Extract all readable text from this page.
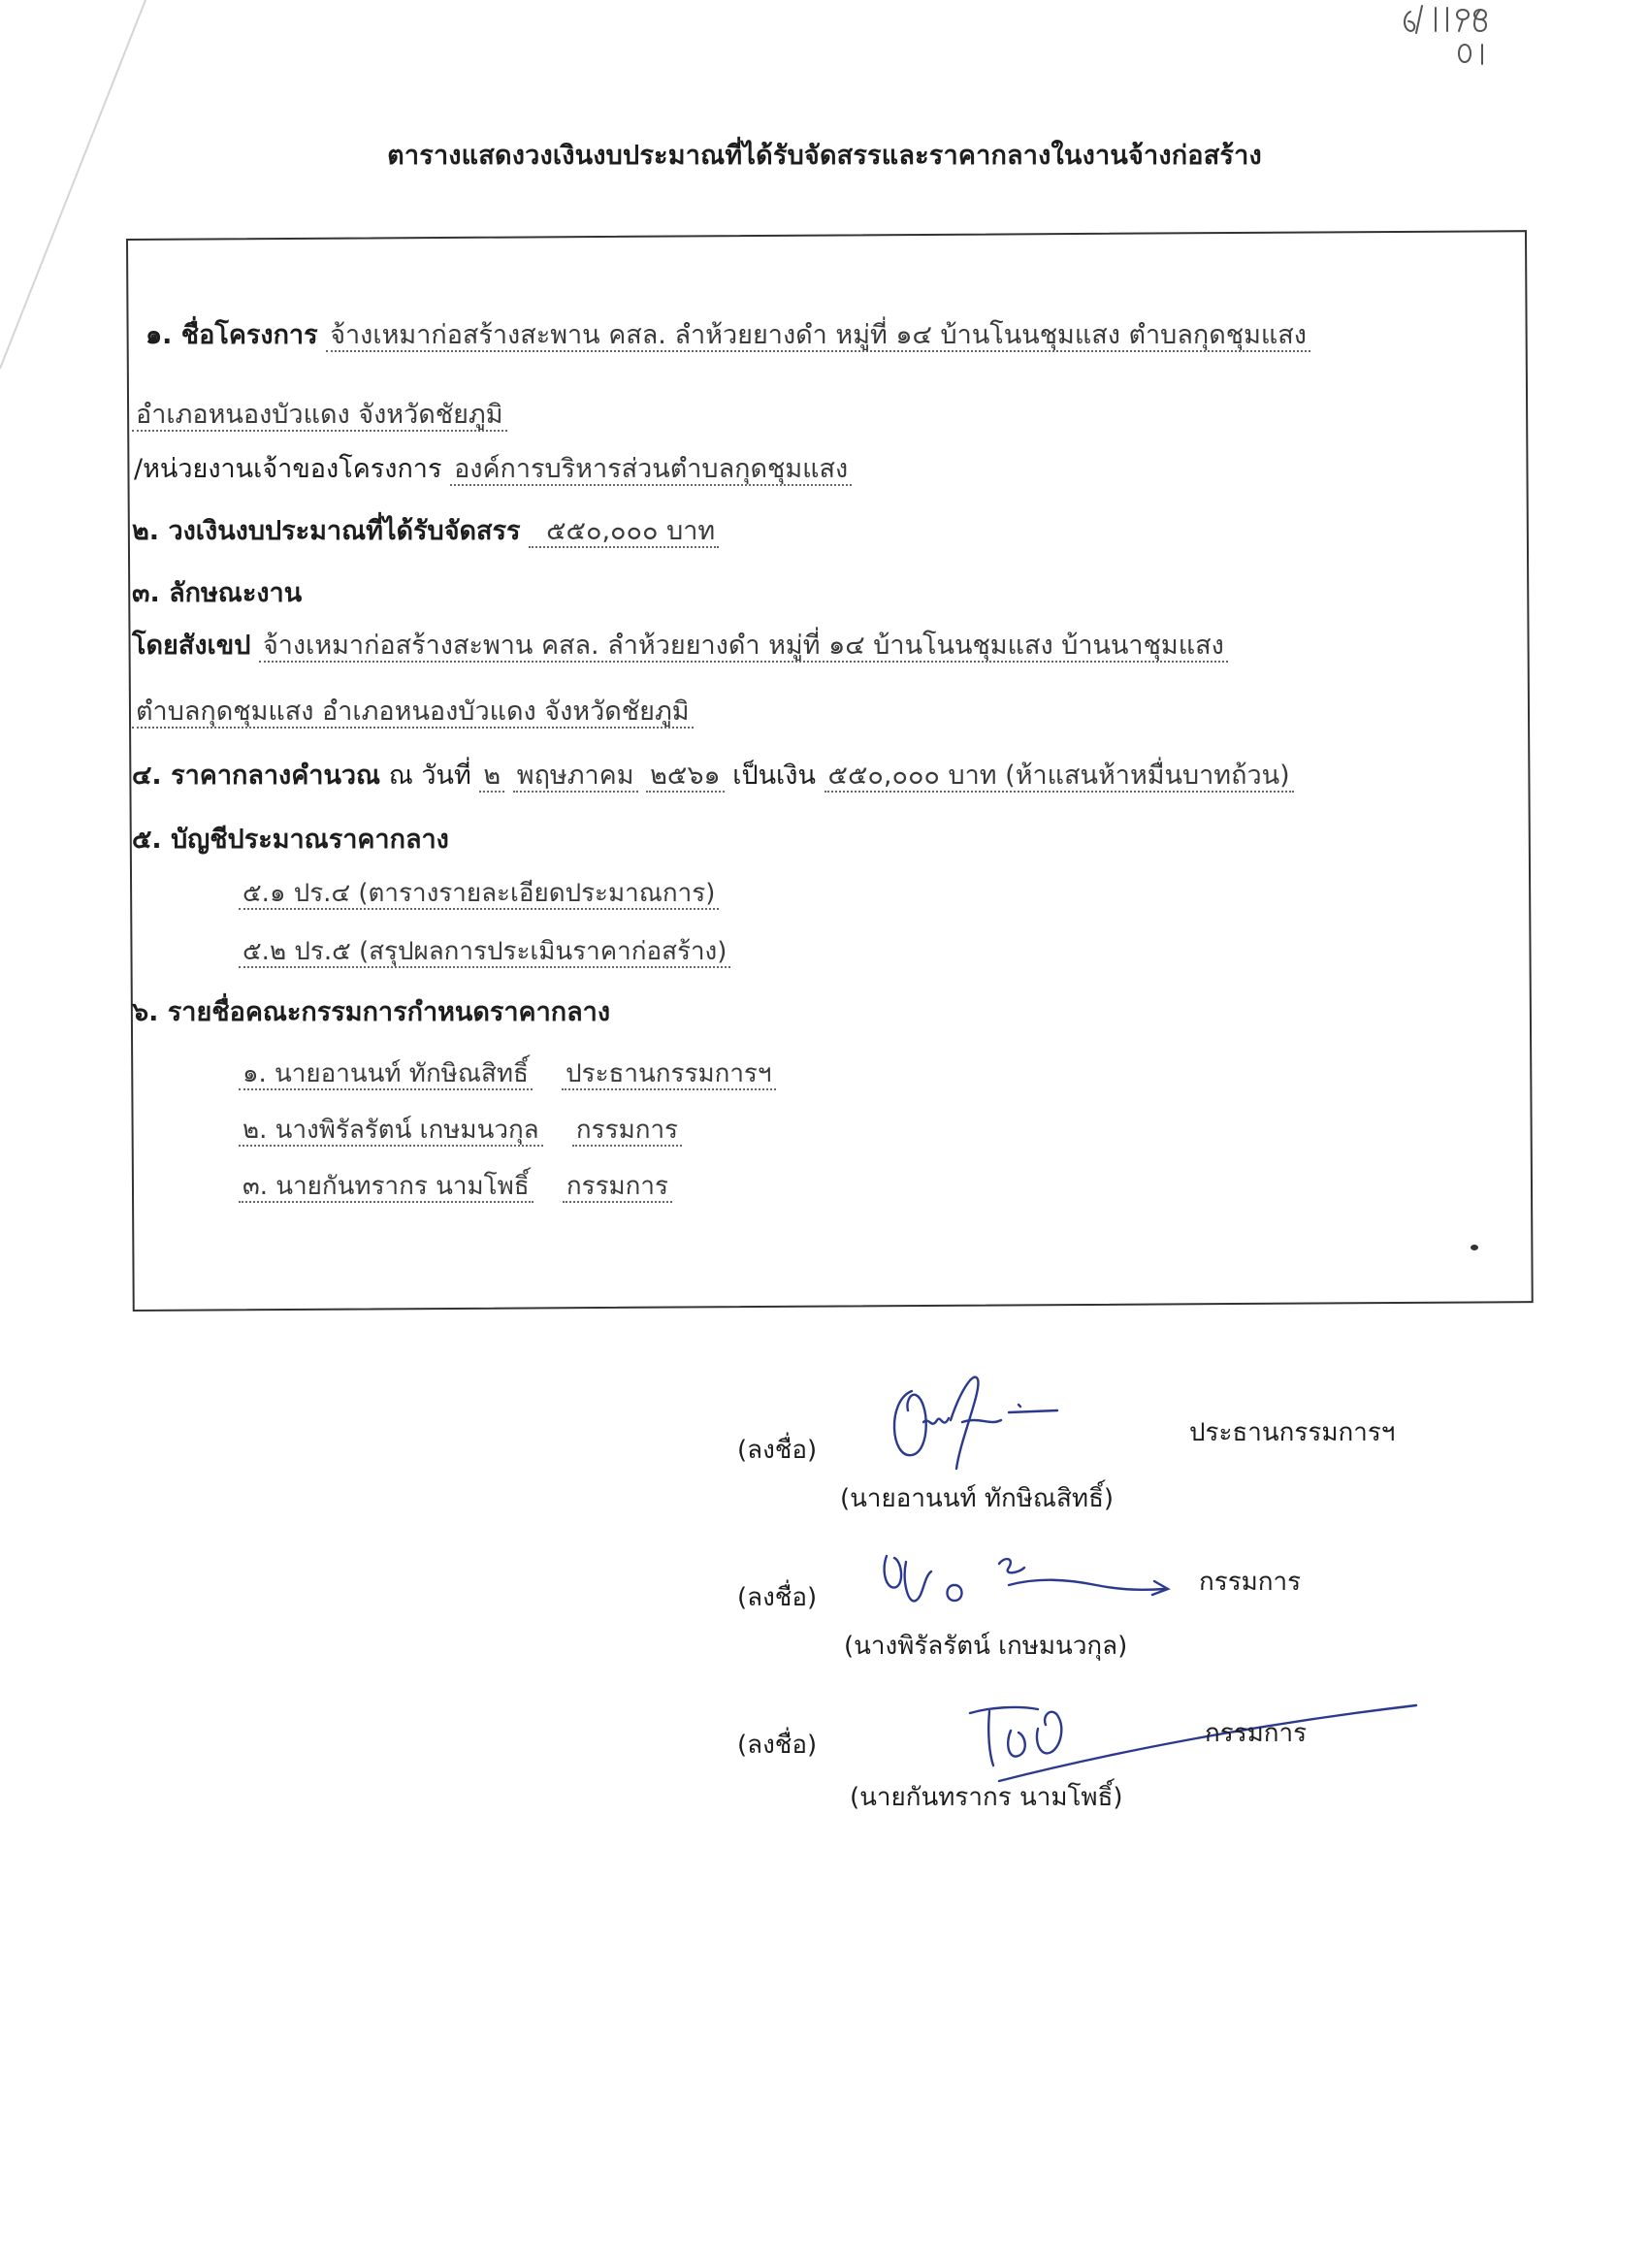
ตารางแสดงวงเงินงบประมาณที่ได้รับจัดสรรและราคากลางในงานจ้างก่อสร้าง
๑. ชื่อโครงการ จ้างเหมาก่อสร้างสะพาน คสล. ลำห้วยยางดำ หมู่ที่ ๑๔ บ้านโนนชุมแสง ตำบลกุดชุมแสง
อำเภอหนองบัวแดง จังหวัดชัยภูมิ
/หน่วยงานเจ้าของโครงการ องค์การบริหารส่วนตำบลกุดชุมแสง
๒. วงเงินงบประมาณที่ได้รับจัดสรร ๕๕๐,๐๐๐ บาท
๓. ลักษณะงาน
โดยสังเขป จ้างเหมาก่อสร้างสะพาน คสล. ลำห้วยยางดำ หมู่ที่ ๑๔ บ้านโนนชุมแสง บ้านนาชุมแสง
ตำบลกุดชุมแสง อำเภอหนองบัวแดง จังหวัดชัยภูมิ
๔. ราคากลางคำนวณ ณ วันที่ ๒ พฤษภาคม ๒๕๖๑ เป็นเงิน ๕๕๐,๐๐๐ บาท (ห้าแสนห้าหมื่นบาทถ้วน)
๕. บัญชีประมาณราคากลาง
๕.๑ ปร.๔ (ตารางรายละเอียดประมาณการ)
๕.๒ ปร.๕ (สรุปผลการประเมินราคาก่อสร้าง)
๖. รายชื่อคณะกรรมการกำหนดราคากลาง
๑. นายอานนท์ ทักษิณสิทธิ์ ประธานกรรมการฯ
๒. นางพิรัลรัตน์ เกษมนวกุล กรรมการ
๓. นายกันทรากร นามโพธิ์ กรรมการ
(ลงชื่อ)
ประธานกรรมการฯ
(นายอานนท์ ทักษิณสิทธิ์)
(ลงชื่อ)
กรรมการ
(นางพิรัลรัตน์ เกษมนวกุล)
(ลงชื่อ)	กรรมการ
(นายกันทรากร นามโพธิ์)
